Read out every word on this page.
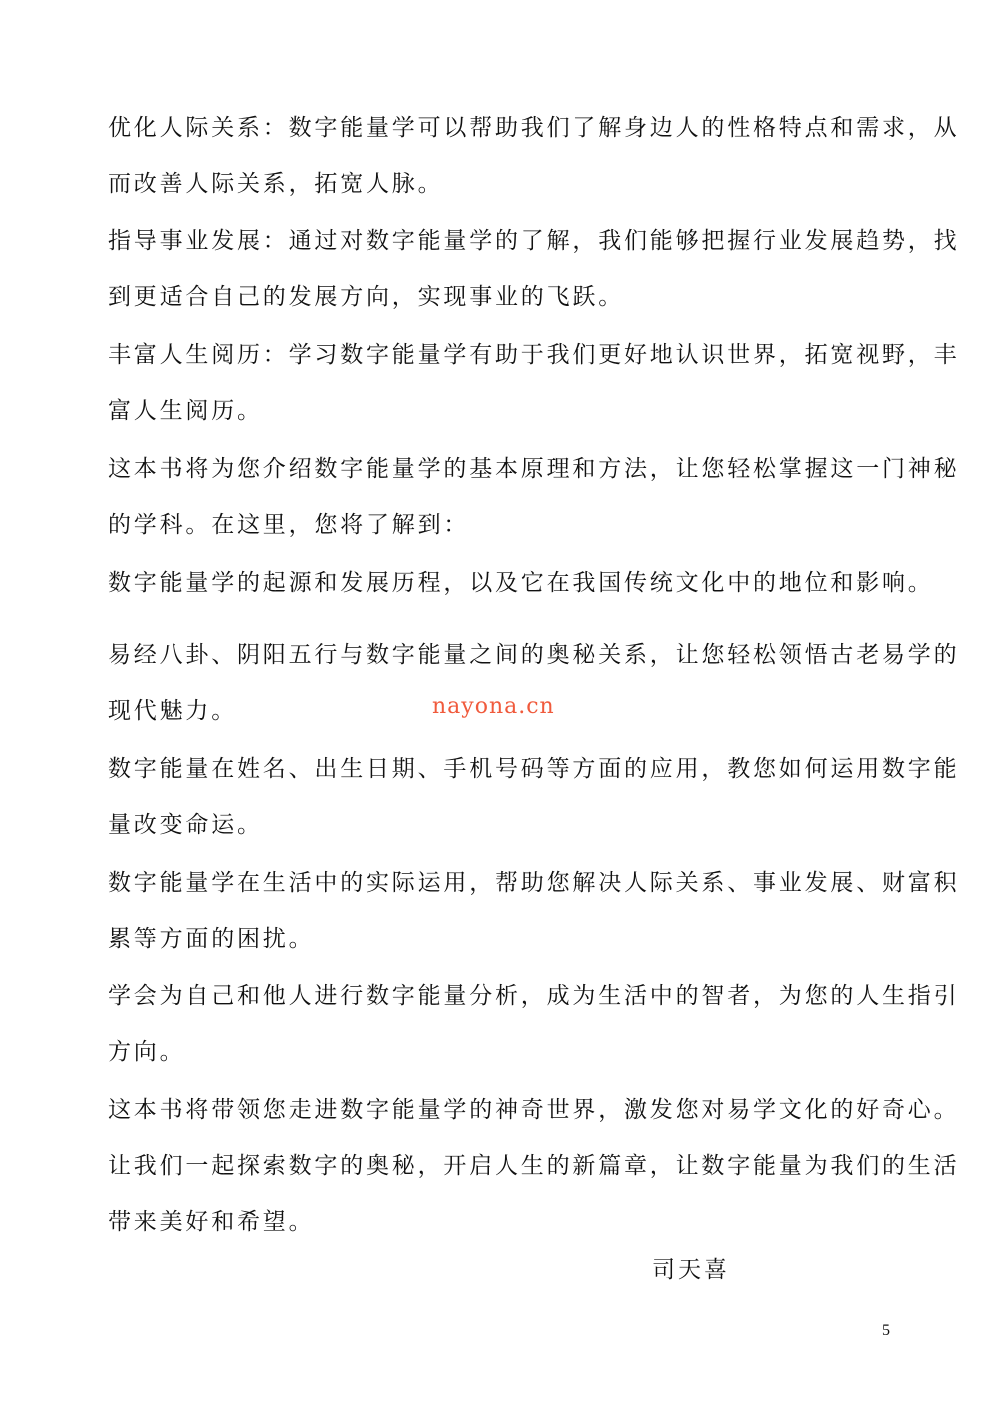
优化人际关系：数字能量学可以帮助我们了解身边人的性格特点和需求，从
而改善人际关系，拓宽人脉。
指导事业发展：通过对数字能量学的了解，我们能够把握行业发展趋势，找
到更适合自己的发展方向，实现事业的飞跃。
丰富人生阅历：学习数字能量学有助于我们更好地认识世界，拓宽视野，丰
富人生阅历。
这本书将为您介绍数字能量学的基本原理和方法，让您轻松掌握这一门神秘
的学科。在这里，您将了解到：
数字能量学的起源和发展历程，以及它在我国传统文化中的地位和影响。
易经八卦、阴阳五行与数字能量之间的奥秘关系，让您轻松领悟古老易学的
现代魅力。
数字能量在姓名、出生日期、手机号码等方面的应用，教您如何运用数字能
量改变命运。
数字能量学在生活中的实际运用，帮助您解决人际关系、事业发展、财富积
累等方面的困扰。
学会为自己和他人进行数字能量分析，成为生活中的智者，为您的人生指引
方向。
这本书将带领您走进数字能量学的神奇世界，激发您对易学文化的好奇心。
让我们一起探索数字的奥秘，开启人生的新篇章，让数字能量为我们的生活
带来美好和希望。
nayona.cn
司天喜
5
